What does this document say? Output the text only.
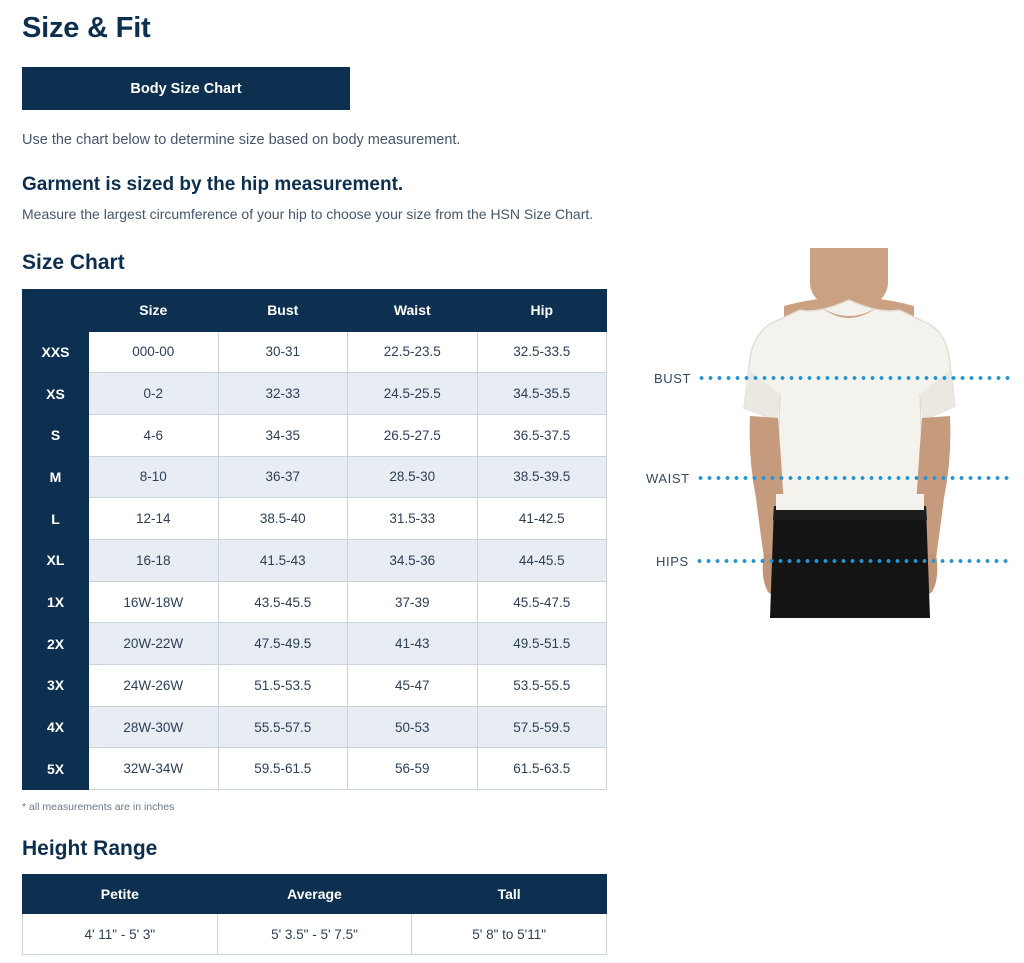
Size & Fit
Body Size Chart

Use the chart below to determine size based on body measurement.

Garment is sized by the hip measurement.

Measure the largest circumference of your hip to choose your size from the HSN Size Chart.

Size Chart
	Size	Bust	Waist	Hip
XXS	000-00	30-31	22.5-23.5	32.5-33.5
XS	0-2	32-33	24.5-25.5	34.5-35.5
S	4-6	34-35	26.5-27.5	36.5-37.5
M	8-10	36-37	28.5-30	38.5-39.5
L	12-14	38.5-40	31.5-33	41-42.5
XL	16-18	41.5-43	34.5-36	44-45.5
1X	16W-18W	43.5-45.5	37-39	45.5-47.5
2X	20W-22W	47.5-49.5	41-43	49.5-51.5
3X	24W-26W	51.5-53.5	45-47	53.5-55.5
4X	28W-30W	55.5-57.5	50-53	57.5-59.5
5X	32W-34W	59.5-61.5	56-59	61.5-63.5
* all measurements are in inches
Height Range
Petite	Average	Tall
4' 11" - 5' 3"	5' 3.5" - 5' 7.5"	5' 8" to 5'11"
BUST
WAIST
HIPS
